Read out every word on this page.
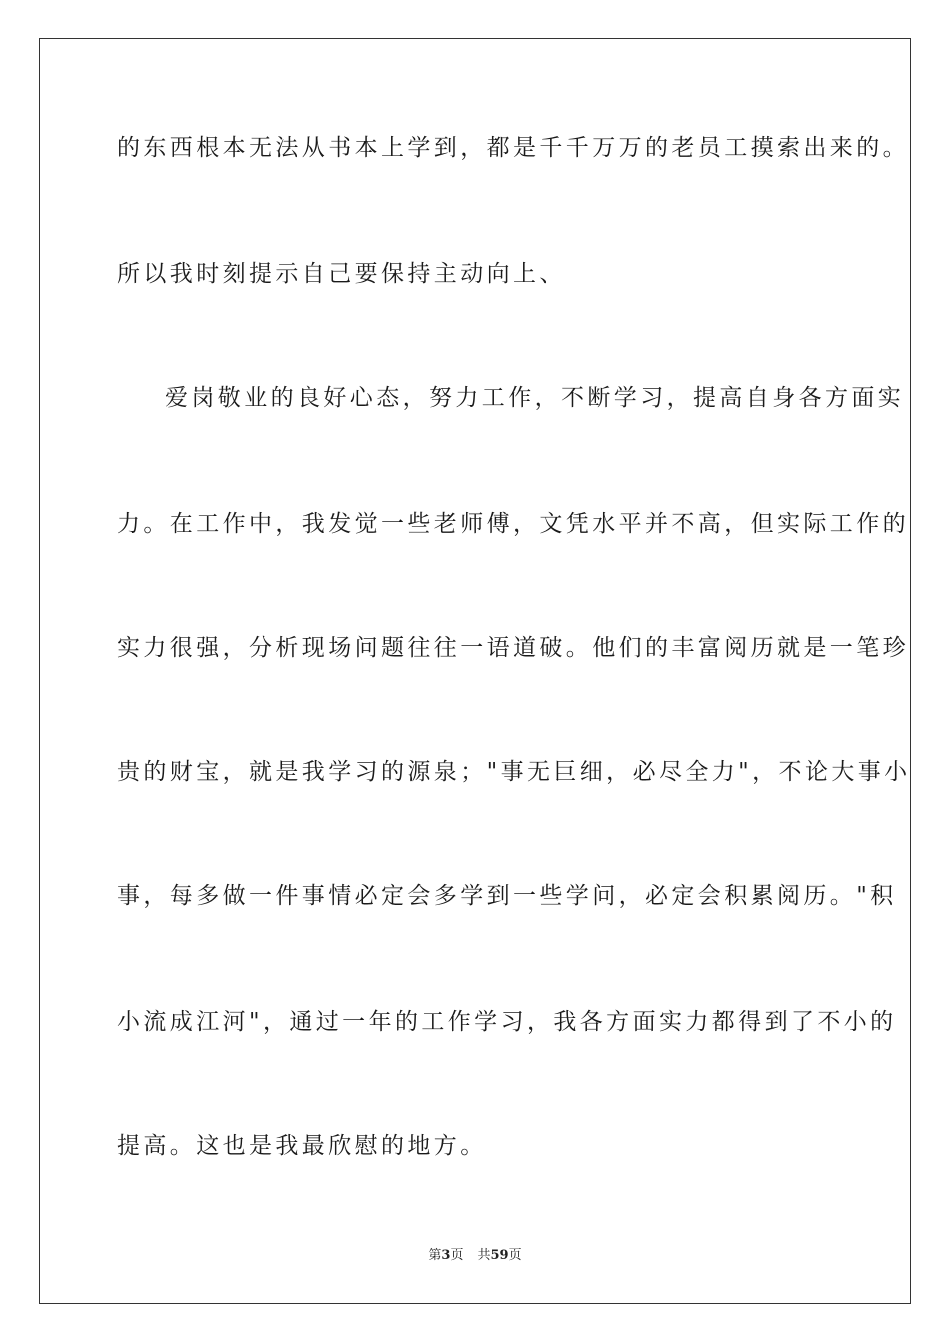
的东西根本无法从书本上学到，都是千千万万的老员工摸索出来的。
所以我时刻提示自己要保持主动向上、
爱岗敬业的良好心态，努力工作，不断学习，提高自身各方面实
力。在工作中，我发觉一些老师傅，文凭水平并不高，但实际工作的
实力很强，分析现场问题往往一语道破。他们的丰富阅历就是一笔珍
贵的财宝，就是我学习的源泉；"事无巨细，必尽全力"，不论大事小
事，每多做一件事情必定会多学到一些学问，必定会积累阅历。"积
小流成江河"，通过一年的工作学习，我各方面实力都得到了不小的
提高。这也是我最欣慰的地方。
第3页 共59页
